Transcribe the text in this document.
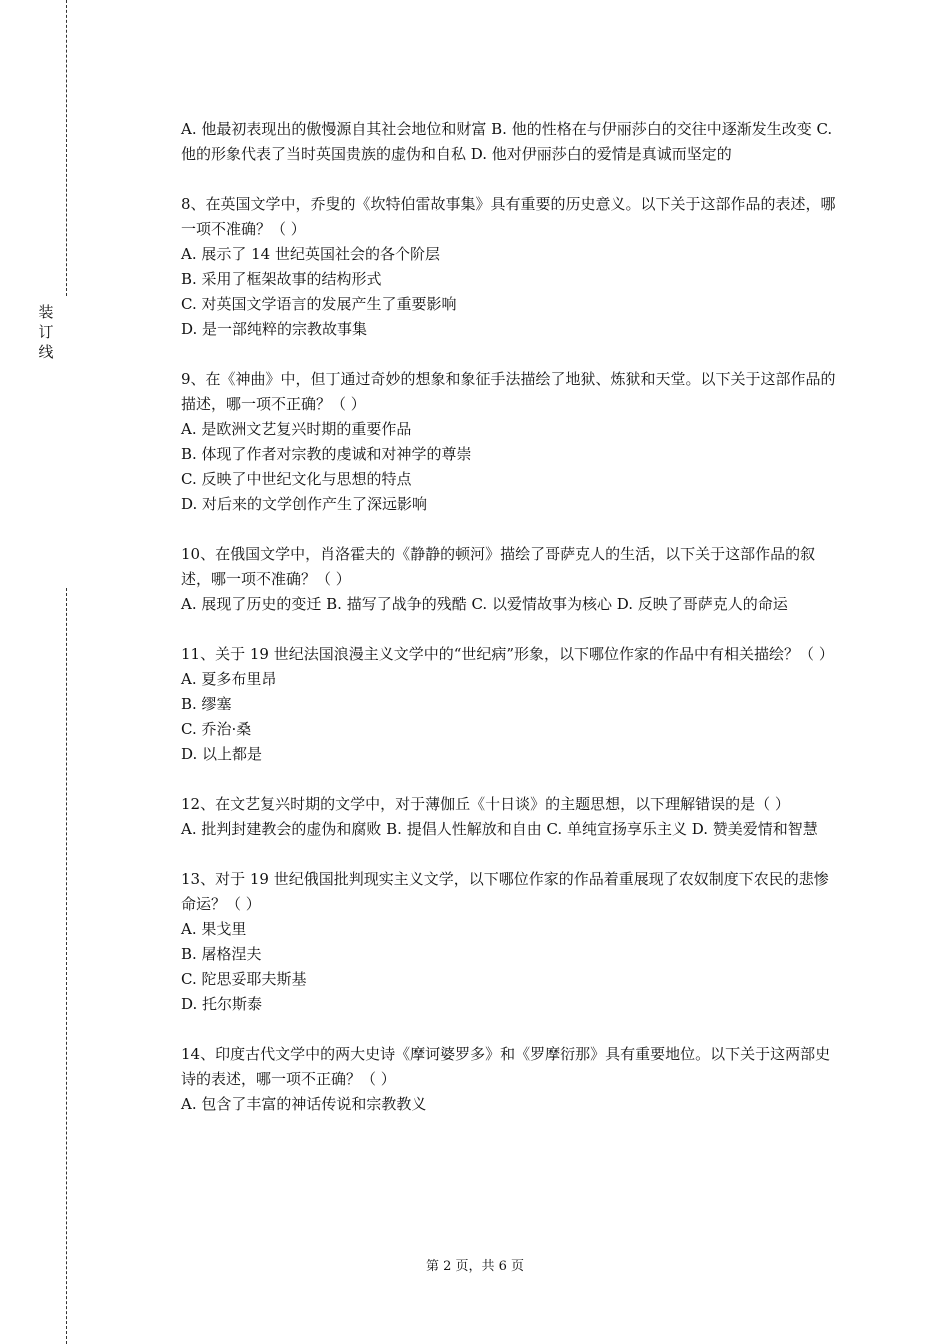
装
订
线

A. 他最初表现出的傲慢源自其社会地位和财富 B. 他的性格在与伊丽莎白的交往中逐渐发生改变 C. 他的形象代表了当时英国贵族的虚伪和自私 D. 他对伊丽莎白的爱情是真诚而坚定的

8、在英国文学中，乔叟的《坎特伯雷故事集》具有重要的历史意义。以下关于这部作品的表述，哪一项不准确？（ ）

A. 展示了 14 世纪英国社会的各个阶层

B. 采用了框架故事的结构形式

C. 对英国文学语言的发展产生了重要影响

D. 是一部纯粹的宗教故事集

9、在《神曲》中，但丁通过奇妙的想象和象征手法描绘了地狱、炼狱和天堂。以下关于这部作品的描述，哪一项不正确？（ ）

A. 是欧洲文艺复兴时期的重要作品

B. 体现了作者对宗教的虔诚和对神学的尊崇

C. 反映了中世纪文化与思想的特点

D. 对后来的文学创作产生了深远影响

10、在俄国文学中，肖洛霍夫的《静静的顿河》描绘了哥萨克人的生活，以下关于这部作品的叙述，哪一项不准确？（ ）

A. 展现了历史的变迁 B. 描写了战争的残酷 C. 以爱情故事为核心 D. 反映了哥萨克人的命运

11、关于 19 世纪法国浪漫主义文学中的“世纪病”形象，以下哪位作家的作品中有相关描绘？（ ）

A. 夏多布里昂

B. 缪塞

C. 乔治·桑

D. 以上都是

12、在文艺复兴时期的文学中，对于薄伽丘《十日谈》的主题思想，以下理解错误的是（ ）

A. 批判封建教会的虚伪和腐败 B. 提倡人性解放和自由 C. 单纯宣扬享乐主义 D. 赞美爱情和智慧

13、对于 19 世纪俄国批判现实主义文学，以下哪位作家的作品着重展现了农奴制度下农民的悲惨命运？（ ）

A. 果戈里

B. 屠格涅夫

C. 陀思妥耶夫斯基

D. 托尔斯泰

14、印度古代文学中的两大史诗《摩诃婆罗多》和《罗摩衍那》具有重要地位。以下关于这两部史诗的表述，哪一项不正确？（ ）

A. 包含了丰富的神话传说和宗教教义

第 2 页，共 6 页
